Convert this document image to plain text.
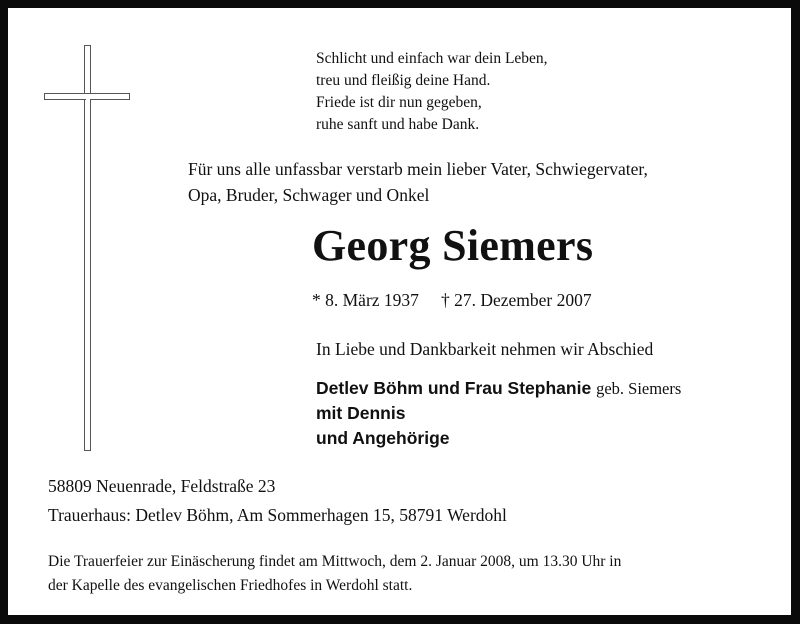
Schlicht und einfach war dein Leben,
treu und fleißig deine Hand.
Friede ist dir nun gegeben,
ruhe sanft und habe Dank.
Für uns alle unfassbar verstarb mein lieber Vater, Schwiegervater,
Opa, Bruder, Schwager und Onkel
Georg Siemers
* 8. März 1937 † 27. Dezember 2007
In Liebe und Dankbarkeit nehmen wir Abschied
Detlev Böhm und Frau Stephanie geb. Siemers
mit Dennis
und Angehörige
58809 Neuenrade, Feldstraße 23
Trauerhaus: Detlev Böhm, Am Sommerhagen 15, 58791 Werdohl
Die Trauerfeier zur Einäscherung findet am Mittwoch, dem 2. Januar 2008, um 13.30 Uhr in
der Kapelle des evangelischen Friedhofes in Werdohl statt.
